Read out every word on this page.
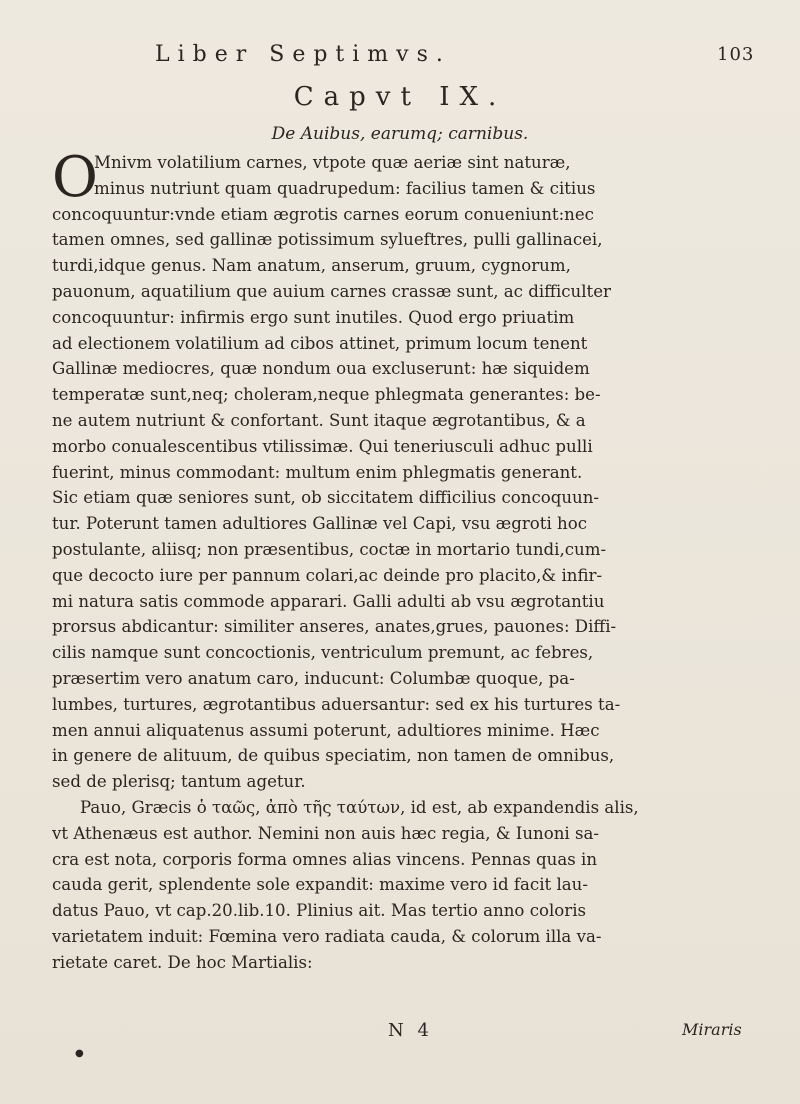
Liber Septimvs.	103
Capvt IX.
De Auibus, earumq; carnibus.
O
Mnivm volatilium carnes, vtpote quæ aeriæ sint naturæ,
minus nutriunt quam quadrupedum: facilius tamen & citius
concoquuntur:vnde etiam ægrotis carnes eorum conueniunt:nec
tamen omnes, sed gallinæ potissimum sylueftres, pulli gallinacei,
turdi,idque genus. Nam anatum, anserum, gruum, cygnorum,
pauonum, aquatilium que auium carnes crassæ sunt, ac difficulter
concoquuntur: infirmis ergo sunt inutiles. Quod ergo priuatim
ad electionem volatilium ad cibos attinet, primum locum tenent
Gallinæ mediocres, quæ nondum oua excluserunt: hæ siquidem
temperatæ sunt,neq; choleram,neque phlegmata generantes: be-
ne autem nutriunt & confortant. Sunt itaque ægrotantibus, & a
morbo conualescentibus vtilissimæ. Qui teneriusculi adhuc pulli
fuerint, minus commodant: multum enim phlegmatis generant.
Sic etiam quæ seniores sunt, ob siccitatem difficilius concoquun-
tur. Poterunt tamen adultiores Gallinæ vel Capi, vsu ægroti hoc
postulante, aliisq; non præsentibus, coctæ in mortario tundi,cum-
que decocto iure per pannum colari,ac deinde pro placito,& infir-
mi natura satis commode apparari. Galli adulti ab vsu ægrotantiu
prorsus abdicantur: similiter anseres, anates,grues, pauones: Diffi-
cilis namque sunt concoctionis, ventriculum premunt, ac febres,
præsertim vero anatum caro, inducunt: Columbæ quoque, pa-
lumbes, turtures, ægrotantibus aduersantur: sed ex his turtures ta-
men annui aliquatenus assumi poterunt, adultiores minime. Hæc
in genere de alituum, de quibus speciatim, non tamen de omnibus,
sed de plerisq; tantum agetur.
Pauo, Græcis ὁ ταῶς, ἀπὸ τῆς ταύτων, id est, ab expandendis alis,
vt Athenæus est author. Nemini non auis hæc regia, & Iunoni sa-
cra est nota, corporis forma omnes alias vincens. Pennas quas in
cauda gerit, splendente sole expandit: maxime vero id facit lau-
datus Pauo, vt cap.20.lib.10. Plinius ait. Mas tertio anno coloris
varietatem induit: Fœmina vero radiata cauda, & colorum illa va-
rietate caret. De hoc Martialis:
N 4	Miraris
●
